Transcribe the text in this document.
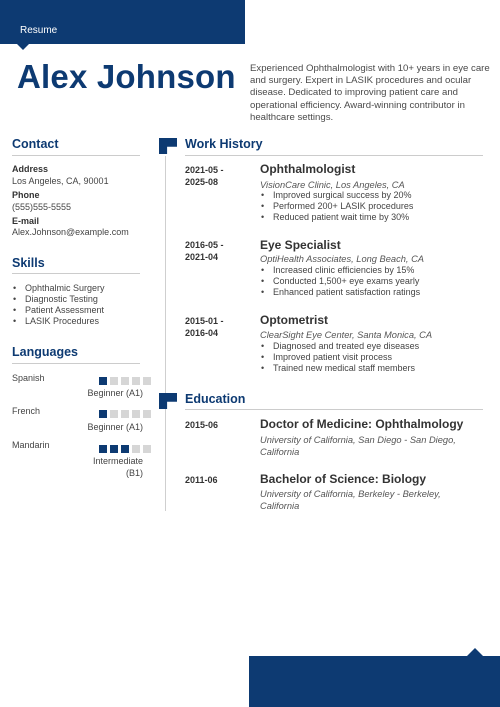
Resume
Alex Johnson Experienced Ophthalmologist with 10+ years in eye care and surgery. Expert in LASIK procedures and ocular disease. Dedicated to improving patient care and operational efficiency. Award-winning contributor in healthcare settings.
Contact
Address
Los Angeles, CA, 90001
Phone
(555)555-5555
E-mail
Alex.Johnson@example.com
Skills
• Ophthalmic Surgery
• Diagnostic Testing
• Patient Assessment
• LASIK Procedures
Languages
Spanish
Beginner (A1)
French
Beginner (A1)
Mandarin
Intermediate (B1)
Work History
2021-05 -
2025-08
Ophthalmologist
VisionCare Clinic, Los Angeles, CA
• Improved surgical success by 20%
• Performed 200+ LASIK procedures
• Reduced patient wait time by 30%
2016-05 -
2021-04
Eye Specialist
OptiHealth Associates, Long Beach, CA
• Increased clinic efficiencies by 15%
• Conducted 1,500+ eye exams yearly
• Enhanced patient satisfaction ratings
2015-01 -
2016-04
Optometrist
ClearSight Eye Center, Santa Monica, CA
• Diagnosed and treated eye diseases
• Improved patient visit process
• Trained new medical staff members
Education
2015-06	Doctor of Medicine: Ophthalmology
University of California, San Diego - San Diego, California
2011-06	Bachelor of Science: Biology
University of California, Berkeley - Berkeley, California
